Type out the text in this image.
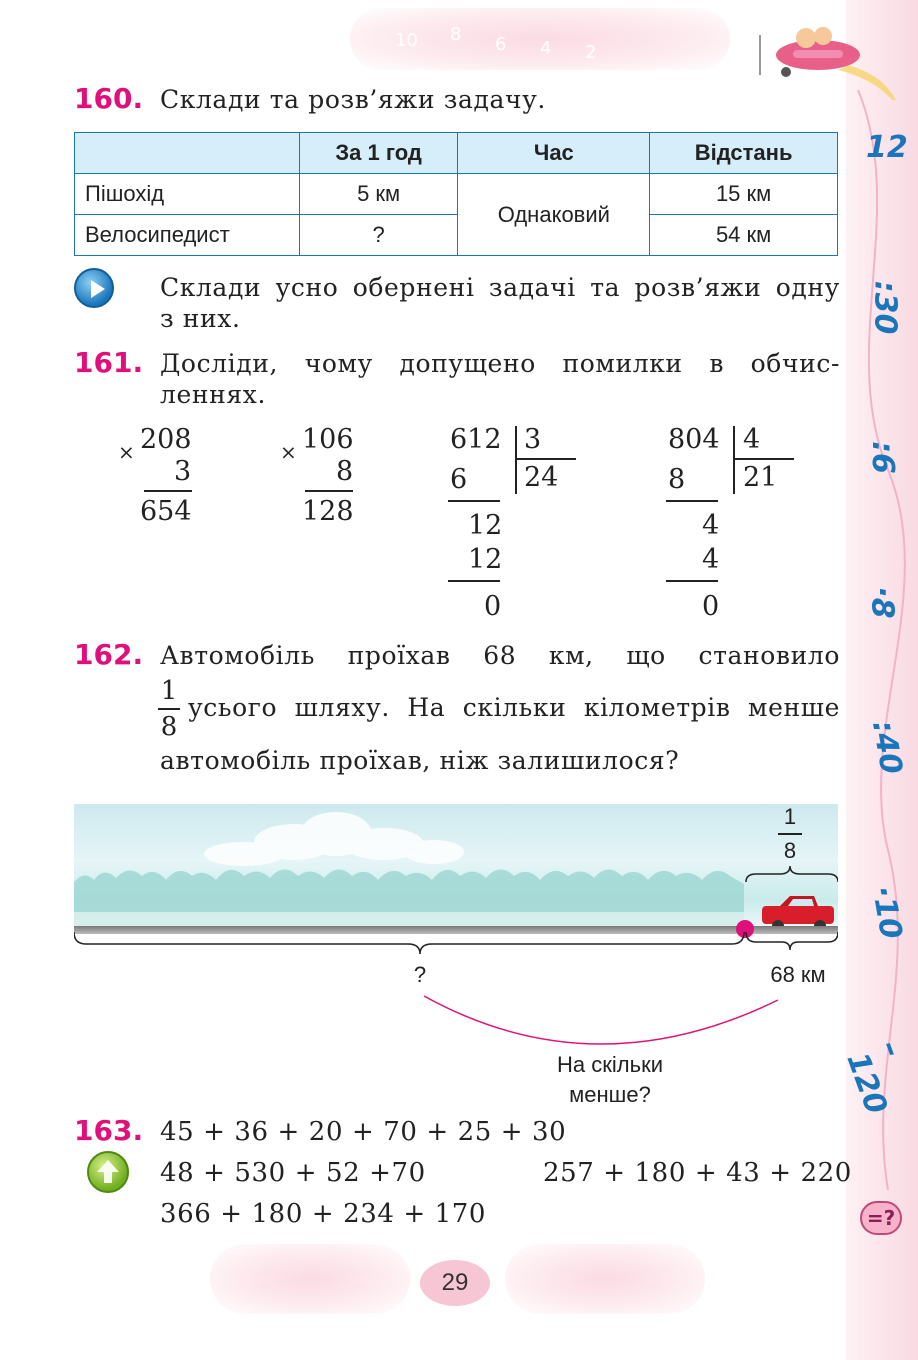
12
:30
:6
·8
:40
·10
–120
10 8 6 4 2
160. Склади та розв’яжи задачу.
	За 1 год	Час	Відстань
Пішохід	5 км	Однаковий	15 км
Велосипедист	?		54 км
Склади усно обернені задачі та розв’яжи одну
з них.
161. Досліди, чому допущено помилки в обчис-
леннях.
× 208
3
654
× 106
8
128
612 3
24
6
12
12
0
804 4
21
8
4
4
0
162. Автомобіль проїхав 68 км, що становило
1
8
усього шляху. На скільки кілометрів менше
автомобіль проїхав, ніж залишилося?
1
8
?	68 км
На скільки
менше?
163. 45 + 36 + 20 + 70 + 25 + 30
48 + 530 + 52 +70	257 + 180 + 43 + 220
366 + 180 + 234 + 170	=?
29
